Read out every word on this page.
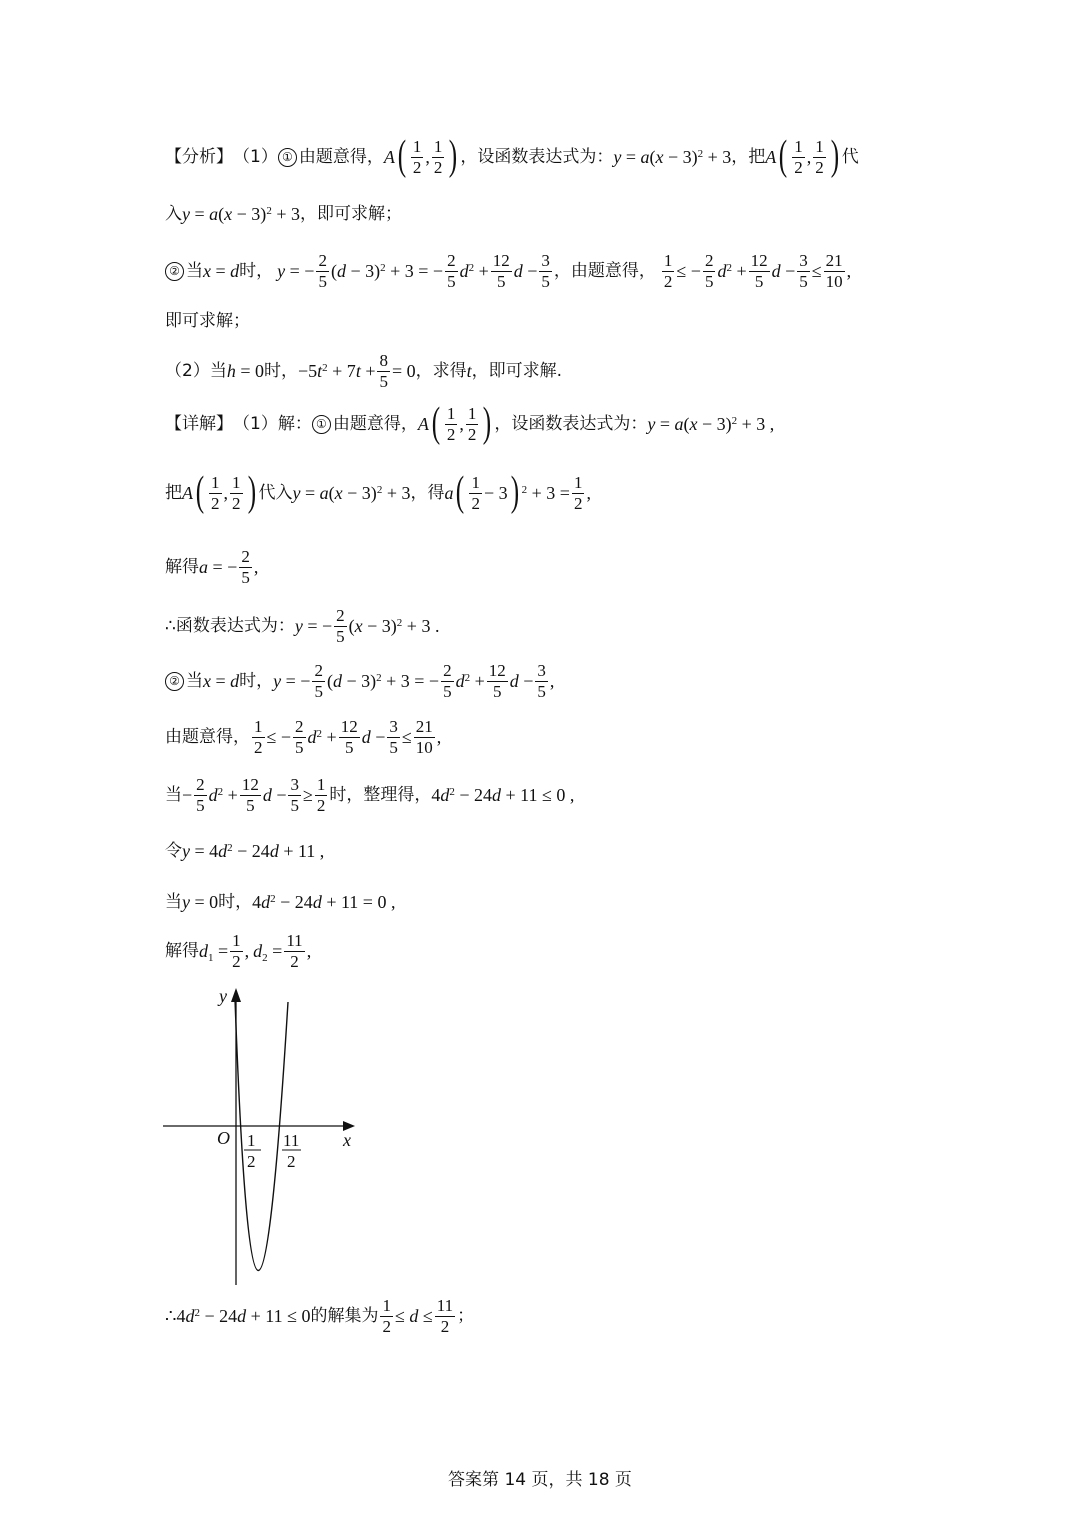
【分析】 （1） ① 由题意得， A ( $\frac{1}{2}$ , $\frac{1}{2}$ ) ，设函数表达式为： $y = a(x - 3)^2 + 3$ ，把 A ( $\frac{1}{2}$ , $\frac{1}{2}$ ) 代
入 $y = a(x - 3)^2 + 3$ ，即可求解；
② 当 x = d 时， y = − $\frac{2}{5} (d - 3)^2 + 3$ = − $\frac{2}{5} d^2 + \frac{12}{5}$ $d - \frac{3}{5}$ ，由题意得， $\frac{1}{2}$ ≤ − $\frac{2}{5} d^2 + \frac{12}{5}$ $d - \frac{3}{5} \le \frac{21}{10}$ ,
即可求解；
（2）当 h = 0 时， $-5t^2 + 7t + \frac{8}{5} = 0$ ，求得 t ，即可求解.
【详解】 （1）解： ① 由题意得， A ( $\frac{1}{2}$ , $\frac{1}{2}$ ) ，设函数表达式为： $y = a(x - 3)^2 + 3$ ,
把 A ( $\frac{1}{2}$ , $\frac{1}{2}$ ) 代入 $y = a(x - 3)^2 + 3$ ，得 a ( $\frac{1}{2} - 3$ ) $^2 + 3 = \frac{1}{2}$ ,
解得 a = − $\frac{2}{5}$ ,
∴函数表达式为： y = − $\frac{2}{5} (x - 3)^2 + 3$ .
② 当 x = d 时， y = − $\frac{2}{5} (d - 3)^2 + 3$ = − $\frac{2}{5} d^2 + \frac{12}{5}$ $d - \frac{3}{5}$ ,
由题意得， $\frac{1}{2}$ ≤ − $\frac{2}{5} d^2 + \frac{12}{5}$ $d - \frac{3}{5} \le \frac{21}{10}$ ,
当 − $\frac{2}{5} d^2 + \frac{12}{5}$ $d - \frac{3}{5} \ge \frac{1}{2}$ 时，整理得， $4d^2 - 24d + 11 \le 0$ ,
令 $y = 4d^2 - 24d + 11$ ,
当 y = 0 时， $4d^2 - 24d + 11 = 0$ ,
解得 $d_1 = \frac{1}{2}$ , $d_2 = \frac{11}{2}$ ,
y
x
O 1
2
11
2
∴ $4d^2 - 24d + 11 \le 0$ 的解集为 $\frac{1}{2} \le d \le \frac{11}{2}$ ；
答案第 14 页，共 18 页
